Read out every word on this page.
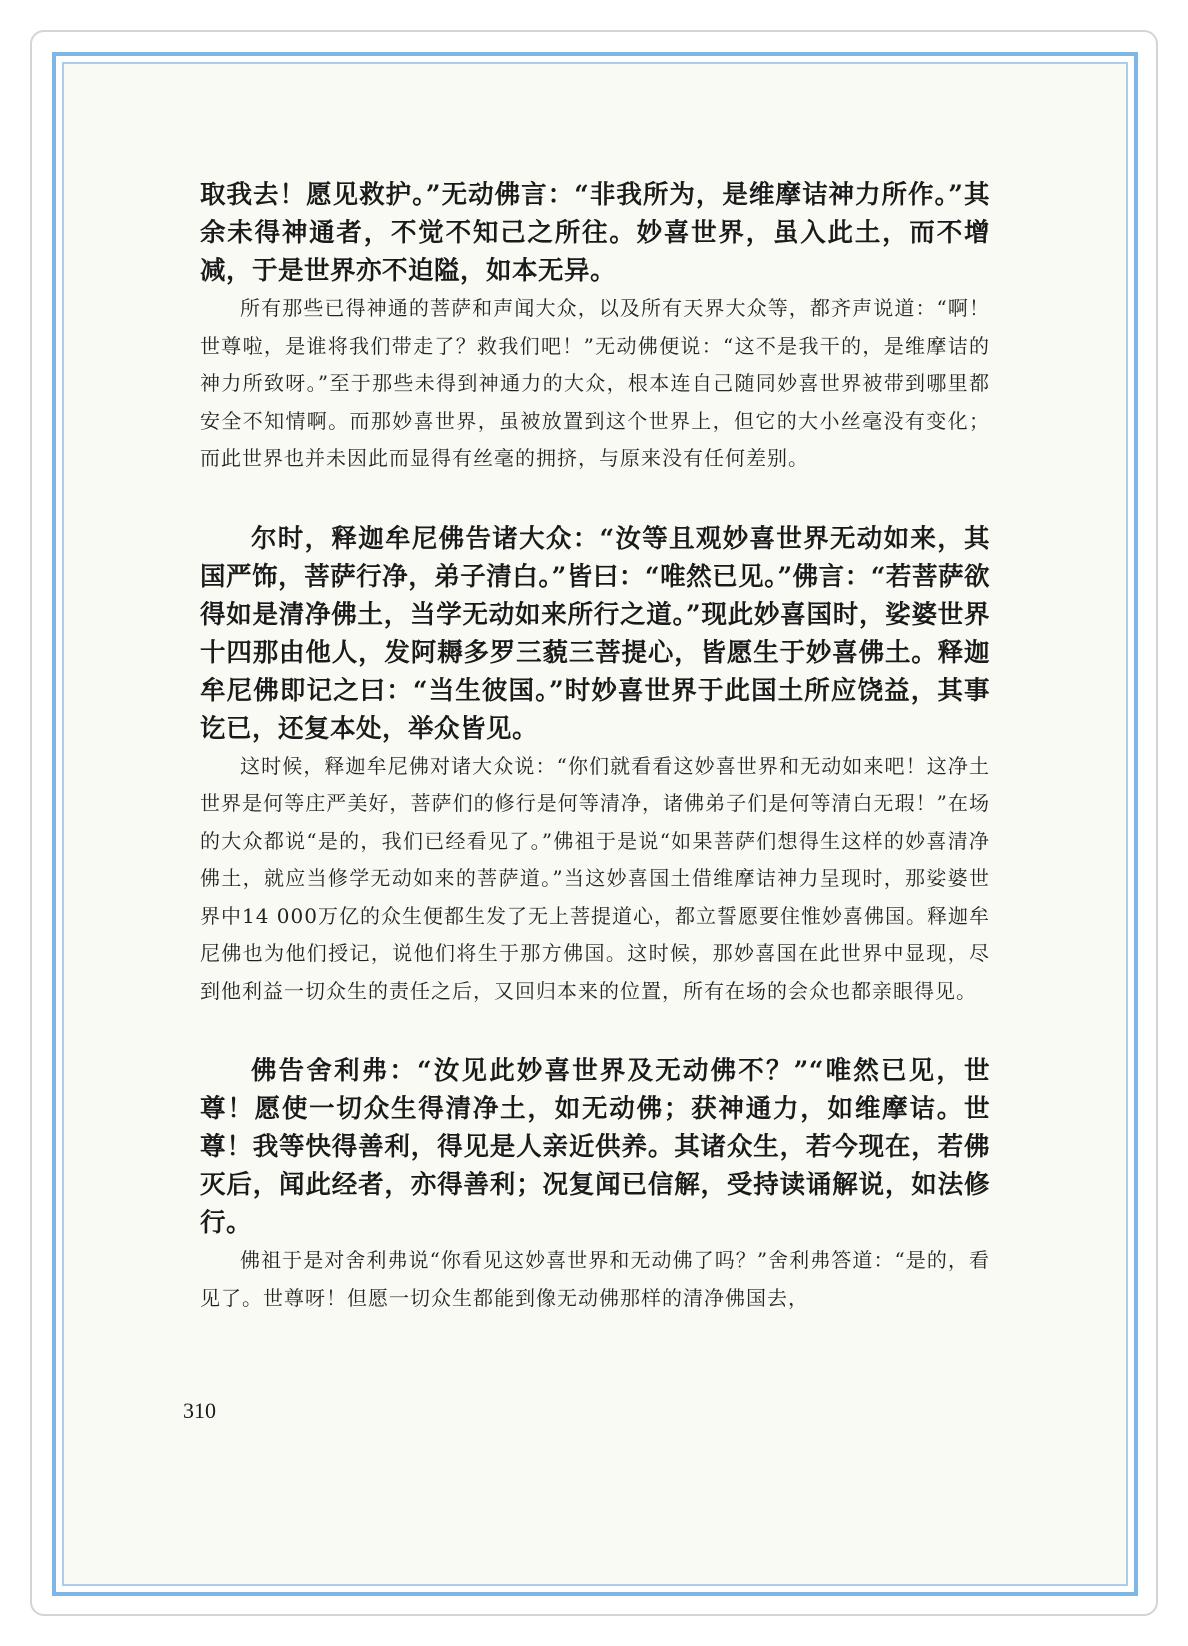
取我去！愿见救护。”无动佛言：“非我所为，是维摩诘神力所作。”其余未得神通者，不觉不知己之所往。妙喜世界，虽入此土，而不增减，于是世界亦不迫隘，如本无异。

所有那些已得神通的菩萨和声闻大众，以及所有天界大众等，都齐声说道：“啊！世尊啦，是谁将我们带走了？救我们吧！”无动佛便说：“这不是我干的，是维摩诘的神力所致呀。”至于那些未得到神通力的大众，根本连自己随同妙喜世界被带到哪里都安全不知情啊。而那妙喜世界，虽被放置到这个世界上，但它的大小丝毫没有变化；而此世界也并未因此而显得有丝毫的拥挤，与原来没有任何差别。

尔时，释迦牟尼佛告诸大众：“汝等且观妙喜世界无动如来，其国严饰，菩萨行净，弟子清白。”皆曰：“唯然已见。”佛言：“若菩萨欲得如是清净佛土，当学无动如来所行之道。”现此妙喜国时，娑婆世界十四那由他人，发阿耨多罗三藐三菩提心，皆愿生于妙喜佛土。释迦牟尼佛即记之曰：“当生彼国。”时妙喜世界于此国土所应饶益，其事讫已，还复本处，举众皆见。

这时候，释迦牟尼佛对诸大众说：“你们就看看这妙喜世界和无动如来吧！这净土世界是何等庄严美好，菩萨们的修行是何等清净，诸佛弟子们是何等清白无瑕！”在场的大众都说“是的，我们已经看见了。”佛祖于是说“如果菩萨们想得生这样的妙喜清净佛土，就应当修学无动如来的菩萨道。”当这妙喜国土借维摩诘神力呈现时，那娑婆世界中14 000万亿的众生便都生发了无上菩提道心，都立誓愿要住惟妙喜佛国。释迦牟尼佛也为他们授记，说他们将生于那方佛国。这时候，那妙喜国在此世界中显现，尽到他利益一切众生的责任之后，又回归本来的位置，所有在场的会众也都亲眼得见。

佛告舍利弗：“汝见此妙喜世界及无动佛不？”“唯然已见，世尊！愿使一切众生得清净土，如无动佛；获神通力，如维摩诘。世尊！我等快得善利，得见是人亲近供养。其诸众生，若今现在，若佛灭后，闻此经者，亦得善利；况复闻已信解，受持读诵解说，如法修行。

佛祖于是对舍利弗说“你看见这妙喜世界和无动佛了吗？”舍利弗答道：“是的，看见了。世尊呀！但愿一切众生都能到像无动佛那样的清净佛国去，

310
